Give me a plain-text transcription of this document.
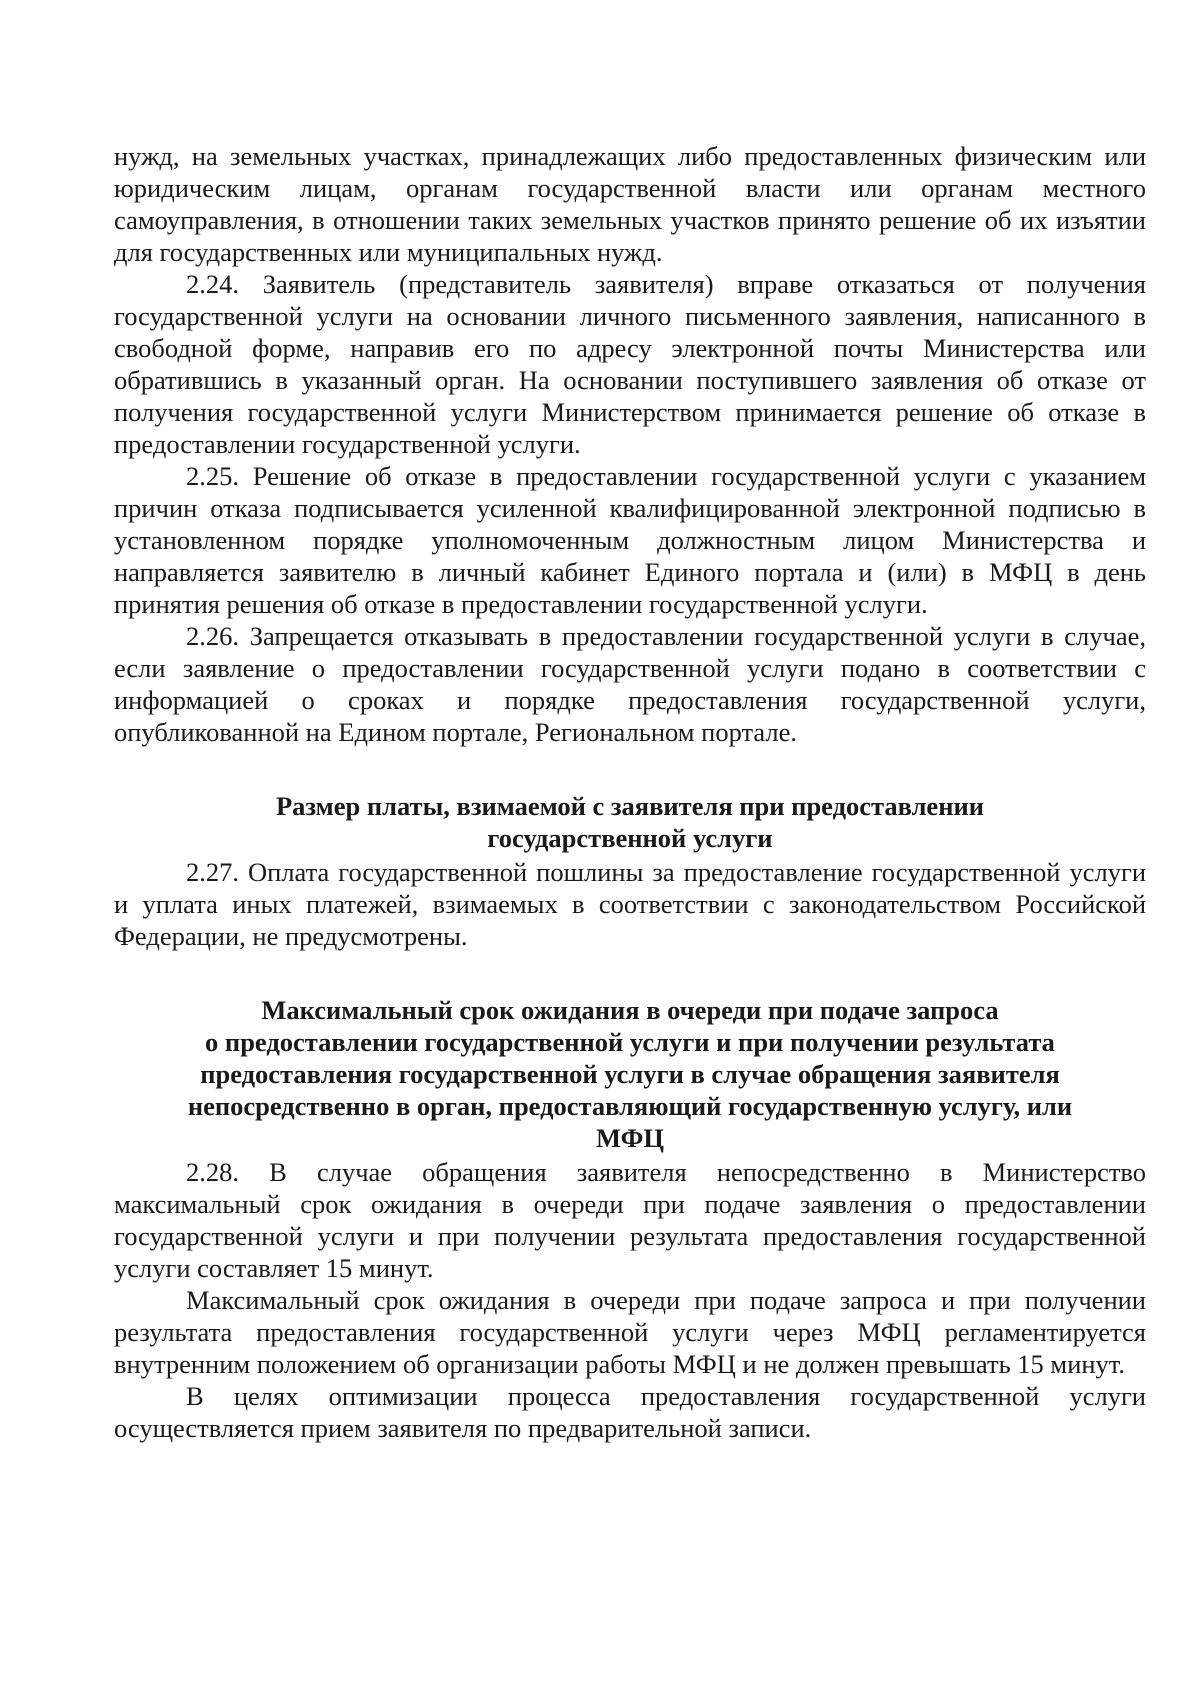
нужд, на земельных участках, принадлежащих либо предоставленных физическим или юридическим лицам, органам государственной власти или органам местного самоуправления, в отношении таких земельных участков принято решение об их изъятии для государственных или муниципальных нужд.

2.24. Заявитель (представитель заявителя) вправе отказаться от получения государственной услуги на основании личного письменного заявления, написанного в свободной форме, направив его по адресу электронной почты Министерства или обратившись в указанный орган. На основании поступившего заявления об отказе от получения государственной услуги Министерством принимается решение об отказе в предоставлении государственной услуги.

2.25. Решение об отказе в предоставлении государственной услуги с указанием причин отказа подписывается усиленной квалифицированной электронной подписью в установленном порядке уполномоченным должностным лицом Министерства и направляется заявителю в личный кабинет Единого портала и (или) в МФЦ в день принятия решения об отказе в предоставлении государственной услуги.

2.26. Запрещается отказывать в предоставлении государственной услуги в случае, если заявление о предоставлении государственной услуги подано в соответствии с информацией о сроках и порядке предоставления государственной услуги, опубликованной на Едином портале, Региональном портале.

Размер платы, взимаемой с заявителя при предоставлении
государственной услуги

2.27. Оплата государственной пошлины за предоставление государственной услуги и уплата иных платежей, взимаемых в соответствии с законодательством Российской Федерации, не предусмотрены.

Максимальный срок ожидания в очереди при подаче запроса
о предоставлении государственной услуги и при получении результата
предоставления государственной услуги в случае обращения заявителя
непосредственно в орган, предоставляющий государственную услугу, или
МФЦ

2.28. В случае обращения заявителя непосредственно в Министерство максимальный срок ожидания в очереди при подаче заявления о предоставлении государственной услуги и при получении результата предоставления государственной услуги составляет 15 минут.

Максимальный срок ожидания в очереди при подаче запроса и при получении результата предоставления государственной услуги через МФЦ регламентируется внутренним положением об организации работы МФЦ и не должен превышать 15 минут.

В целях оптимизации процесса предоставления государственной услуги осуществляется прием заявителя по предварительной записи.
